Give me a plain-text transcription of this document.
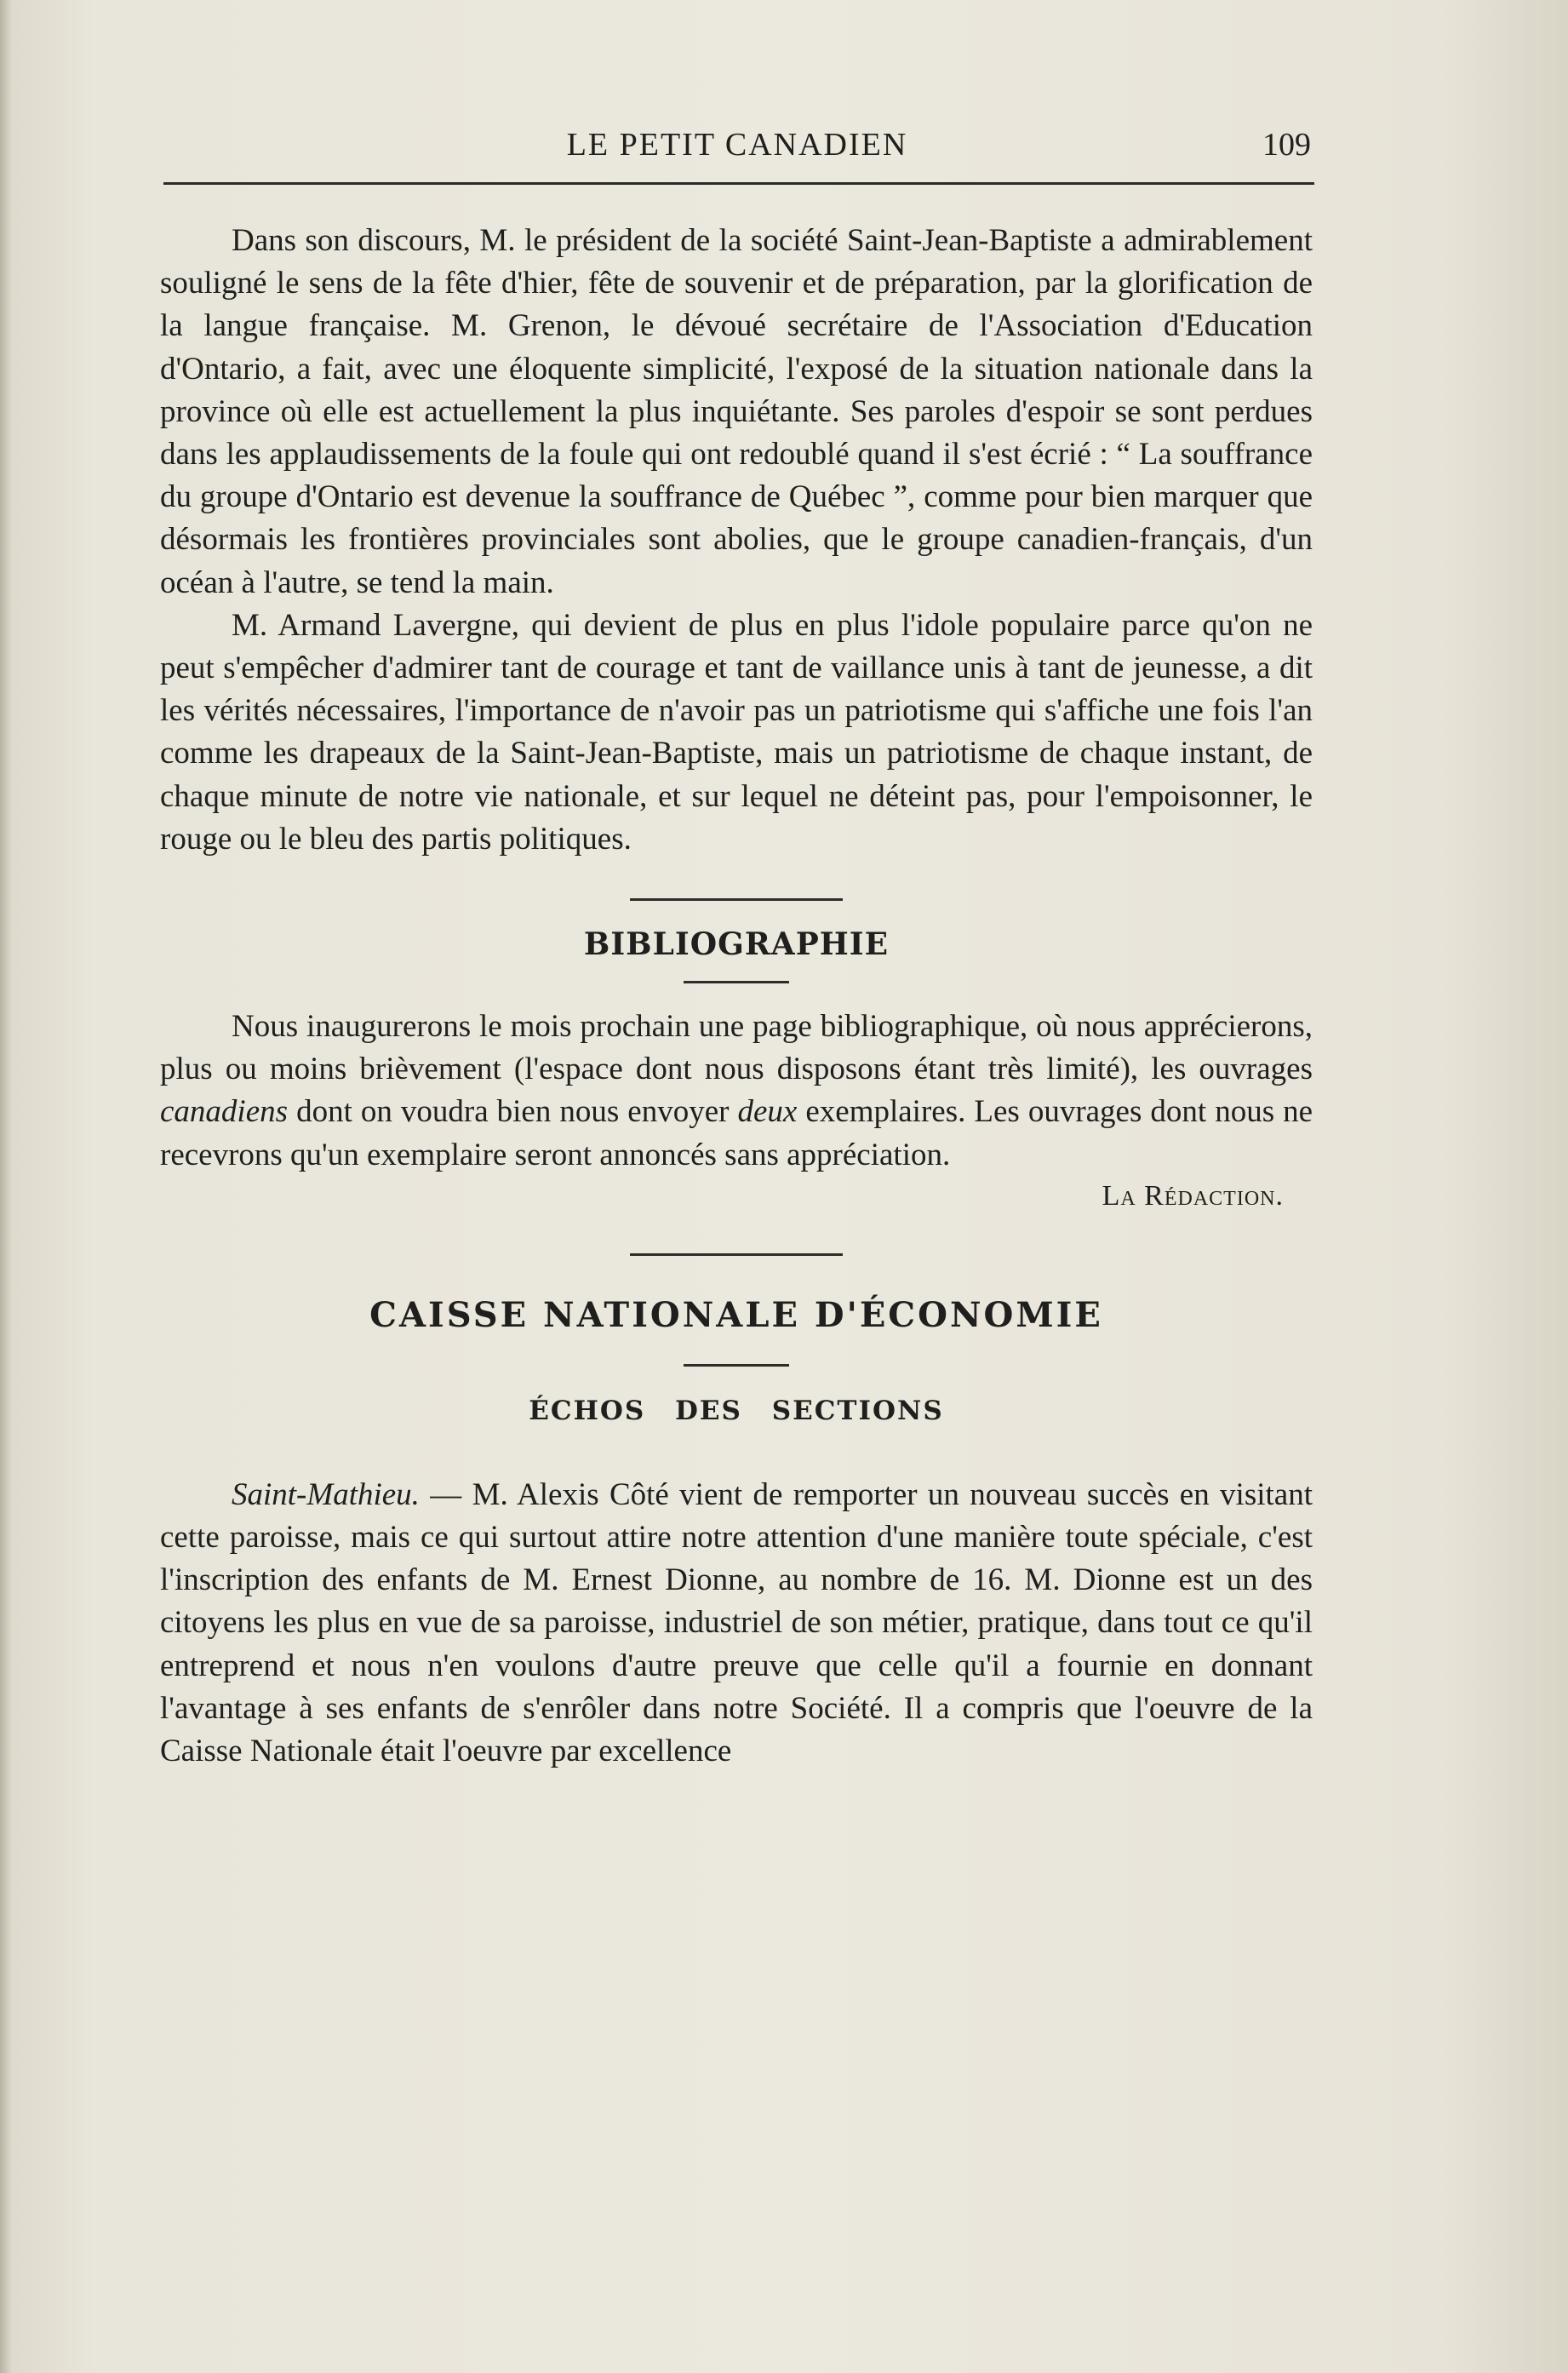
LE PETIT CANADIEN	109

Dans son discours, M. le président de la société Saint-Jean-Baptiste a admirablement souligné le sens de la fête d'hier, fête de souvenir et de préparation, par la glorification de la langue française. M. Grenon, le dévoué secrétaire de l'Association d'Education d'Ontario, a fait, avec une éloquente simplicité, l'exposé de la situation nationale dans la province où elle est actuellement la plus inquiétante. Ses paroles d'espoir se sont perdues dans les applaudissements de la foule qui ont redoublé quand il s'est écrié : “ La souffrance du groupe d'Ontario est devenue la souffrance de Québec ”, comme pour bien marquer que désormais les frontières provinciales sont abolies, que le groupe canadien-français, d'un océan à l'autre, se tend la main.

M. Armand Lavergne, qui devient de plus en plus l'idole populaire parce qu'on ne peut s'empêcher d'admirer tant de courage et tant de vaillance unis à tant de jeunesse, a dit les vérités nécessaires, l'importance de n'avoir pas un patriotisme qui s'affiche une fois l'an comme les drapeaux de la Saint-Jean-Baptiste, mais un patriotisme de chaque instant, de chaque minute de notre vie nationale, et sur lequel ne déteint pas, pour l'empoisonner, le rouge ou le bleu des partis politiques.

BIBLIOGRAPHIE

Nous inaugurerons le mois prochain une page bibliographique, où nous apprécierons, plus ou moins brièvement (l'espace dont nous disposons étant très limité), les ouvrages canadiens dont on voudra bien nous envoyer deux exemplaires. Les ouvrages dont nous ne recevrons qu'un exemplaire seront annoncés sans appréciation.

La Rédaction.

CAISSE NATIONALE D'ÉCONOMIE
ÉCHOS DES SECTIONS

Saint-Mathieu. — M. Alexis Côté vient de remporter un nouveau succès en visitant cette paroisse, mais ce qui surtout attire notre attention d'une manière toute spéciale, c'est l'inscription des enfants de M. Ernest Dionne, au nombre de 16. M. Dionne est un des citoyens les plus en vue de sa paroisse, industriel de son métier, pratique, dans tout ce qu'il entreprend et nous n'en voulons d'autre preuve que celle qu'il a fournie en donnant l'avantage à ses enfants de s'enrôler dans notre Société. Il a compris que l'oeuvre de la Caisse Nationale était l'oeuvre par excellence
